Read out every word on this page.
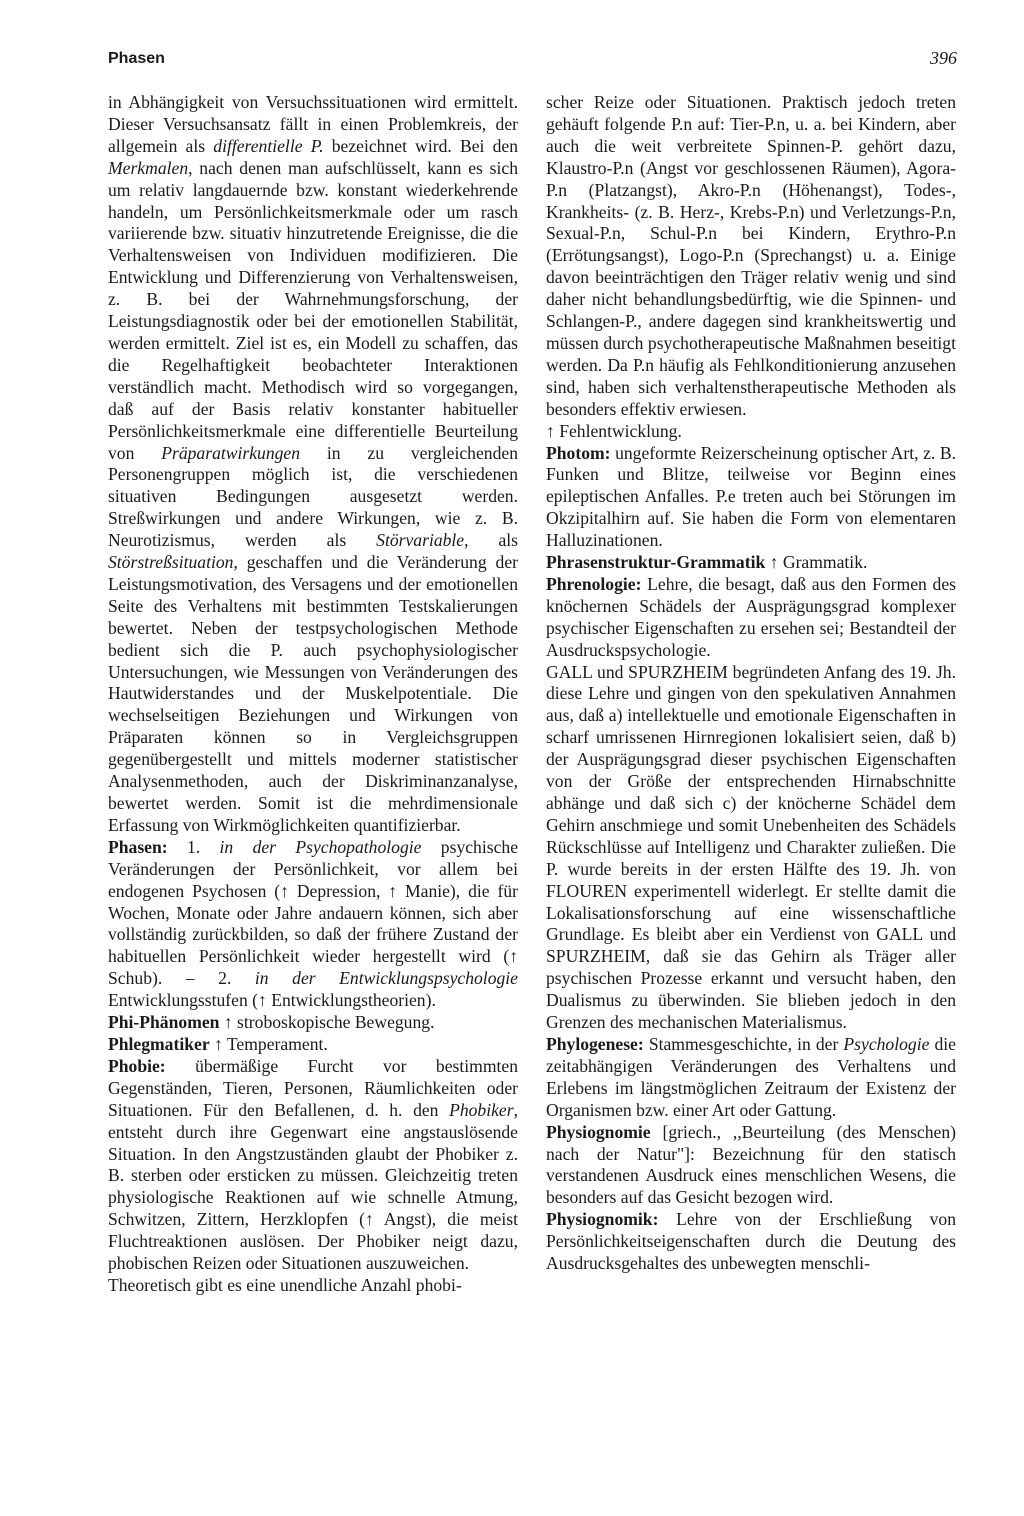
Phasen	396

in Abhängigkeit von Versuchssituationen wird ermittelt. Dieser Versuchsansatz fällt in einen Problemkreis, der allgemein als differentielle P. bezeichnet wird. Bei den Merkmalen, nach denen man aufschlüsselt, kann es sich um relativ langdauernde bzw. konstant wiederkehrende handeln, um Persönlichkeitsmerkmale oder um rasch variierende bzw. situativ hinzutretende Ereignisse, die die Verhaltensweisen von Individuen modifizieren. Die Entwicklung und Differenzierung von Verhaltensweisen, z. B. bei der Wahrnehmungsforschung, der Leistungsdiagnostik oder bei der emotionellen Stabilität, werden ermittelt. Ziel ist es, ein Modell zu schaffen, das die Regelhaftigkeit beobachteter Interaktionen verständlich macht. Methodisch wird so vorgegangen, daß auf der Basis relativ konstanter habitueller Persönlichkeitsmerkmale eine differentielle Beurteilung von Präparatwirkungen in zu vergleichenden Personengruppen möglich ist, die verschiedenen situativen Bedingungen ausgesetzt werden. Streßwirkungen und andere Wirkungen, wie z. B. Neurotizismus, werden als Störvariable, als Störstreßsituation, geschaffen und die Veränderung der Leistungsmotivation, des Versagens und der emotionellen Seite des Verhaltens mit bestimmten Testskalierungen bewertet. Neben der testpsychologischen Methode bedient sich die P. auch psychophysiologischer Untersuchungen, wie Messungen von Veränderungen des Hautwiderstandes und der Muskelpotentiale. Die wechselseitigen Beziehungen und Wirkungen von Präparaten können so in Vergleichsgruppen gegenübergestellt und mittels moderner statistischer Analysenmethoden, auch der Diskriminanzanalyse, bewertet werden. Somit ist die mehrdimensionale Erfassung von Wirkmöglichkeiten quantifizierbar.

Phasen: 1. in der Psychopathologie psychische Veränderungen der Persönlichkeit, vor allem bei endogenen Psychosen (↑ Depression, ↑ Manie), die für Wochen, Monate oder Jahre andauern können, sich aber vollständig zurückbilden, so daß der frühere Zustand der habituellen Persönlichkeit wieder hergestellt wird (↑ Schub). – 2. in der Entwicklungspsychologie Entwicklungsstufen (↑ Entwicklungstheorien).

Phi-Phänomen ↑ stroboskopische Bewegung.

Phlegmatiker ↑ Temperament.

Phobie: übermäßige Furcht vor bestimmten Gegenständen, Tieren, Personen, Räumlichkeiten oder Situationen. Für den Befallenen, d. h. den Phobiker, entsteht durch ihre Gegenwart eine angstauslösende Situation. In den Angstzuständen glaubt der Phobiker z. B. sterben oder ersticken zu müssen. Gleichzeitig treten physiologische Reaktionen auf wie schnelle Atmung, Schwitzen, Zittern, Herzklopfen (↑ Angst), die meist Fluchtreaktionen auslösen. Der Phobiker neigt dazu, phobischen Reizen oder Situationen auszuweichen.

Theoretisch gibt es eine unendliche Anzahl phobi-

scher Reize oder Situationen. Praktisch jedoch treten gehäuft folgende P.n auf: Tier-P.n, u. a. bei Kindern, aber auch die weit verbreitete Spinnen-P. gehört dazu, Klaustro-P.n (Angst vor geschlossenen Räumen), Agora-P.n (Platzangst), Akro-P.n (Höhenangst), Todes-, Krankheits- (z. B. Herz-, Krebs-P.n) und Verletzungs-P.n, Sexual-P.n, Schul-P.n bei Kindern, Erythro-P.n (Errötungsangst), Logo-P.n (Sprechangst) u. a. Einige davon beeinträchtigen den Träger relativ wenig und sind daher nicht behandlungsbedürftig, wie die Spinnen- und Schlangen-P., andere dagegen sind krankheitswertig und müssen durch psychotherapeutische Maßnahmen beseitigt werden. Da P.n häufig als Fehlkonditionierung anzusehen sind, haben sich verhaltenstherapeutische Methoden als besonders effektiv erwiesen.

↑ Fehlentwicklung.

Photom: ungeformte Reizerscheinung optischer Art, z. B. Funken und Blitze, teilweise vor Beginn eines epileptischen Anfalles. P.e treten auch bei Störungen im Okzipitalhirn auf. Sie haben die Form von elementaren Halluzinationen.

Phrasenstruktur-Grammatik ↑ Grammatik.

Phrenologie: Lehre, die besagt, daß aus den Formen des knöchernen Schädels der Ausprägungsgrad komplexer psychischer Eigenschaften zu ersehen sei; Bestandteil der Ausdruckspsychologie.

GALL und SPURZHEIM begründeten Anfang des 19. Jh. diese Lehre und gingen von den spekulativen Annahmen aus, daß a) intellektuelle und emotionale Eigenschaften in scharf umrissenen Hirnregionen lokalisiert seien, daß b) der Ausprägungsgrad dieser psychischen Eigenschaften von der Größe der entsprechenden Hirnabschnitte abhänge und daß sich c) der knöcherne Schädel dem Gehirn anschmiege und somit Unebenheiten des Schädels Rückschlüsse auf Intelligenz und Charakter zuließen. Die P. wurde bereits in der ersten Hälfte des 19. Jh. von FLOUREN experimentell widerlegt. Er stellte damit die Lokalisationsforschung auf eine wissenschaftliche Grundlage. Es bleibt aber ein Verdienst von GALL und SPURZHEIM, daß sie das Gehirn als Träger aller psychischen Prozesse erkannt und versucht haben, den Dualismus zu überwinden. Sie blieben jedoch in den Grenzen des mechanischen Materialismus.

Phylogenese: Stammesgeschichte, in der Psychologie die zeitabhängigen Veränderungen des Verhaltens und Erlebens im längstmöglichen Zeitraum der Existenz der Organismen bzw. einer Art oder Gattung.

Physiognomie [griech., ,,Beurteilung (des Menschen) nach der Natur"]: Bezeichnung für den statisch verstandenen Ausdruck eines menschlichen Wesens, die besonders auf das Gesicht bezogen wird.

Physiognomik: Lehre von der Erschließung von Persönlichkeitseigenschaften durch die Deutung des Ausdrucksgehaltes des unbewegten menschli-
